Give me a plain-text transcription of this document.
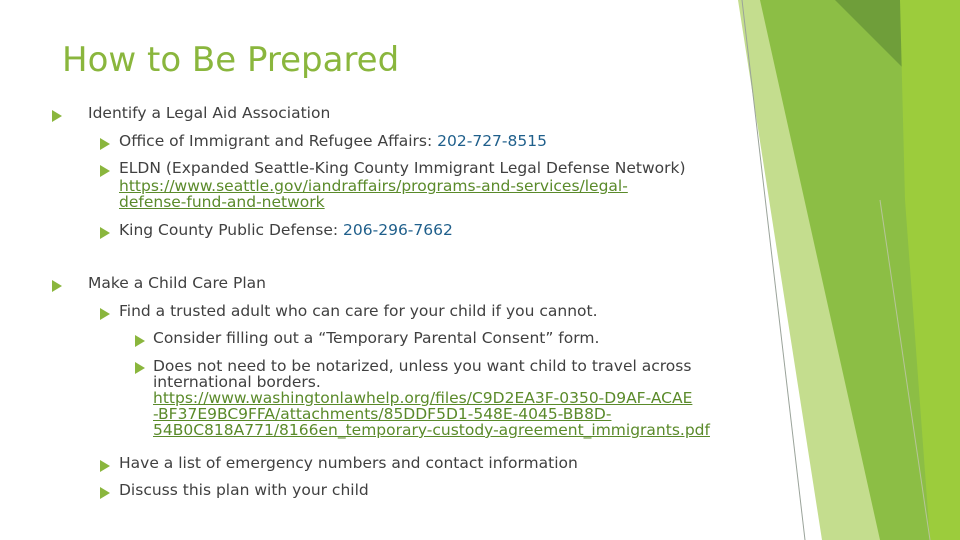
How to Be Prepared
Identify a Legal Aid Association
Office of Immigrant and Refugee Affairs: 202-727-8515
ELDN (Expanded Seattle-King County Immigrant Legal Defense Network)
https://www.seattle.gov/iandraffairs/programs-and-services/legal-
defense-fund-and-network
King County Public Defense: 206-296-7662
Make a Child Care Plan
Find a trusted adult who can care for your child if you cannot.
Consider filling out a “Temporary Parental Consent” form.
Does not need to be notarized, unless you want child to travel across
international borders.
https://www.washingtonlawhelp.org/files/C9D2EA3F-0350-D9AF-ACAE
-BF37E9BC9FFA/attachments/85DDF5D1-548E-4045-BB8D-
54B0C818A771/8166en_temporary-custody-agreement_immigrants.pdf
Have a list of emergency numbers and contact information
Discuss this plan with your child
